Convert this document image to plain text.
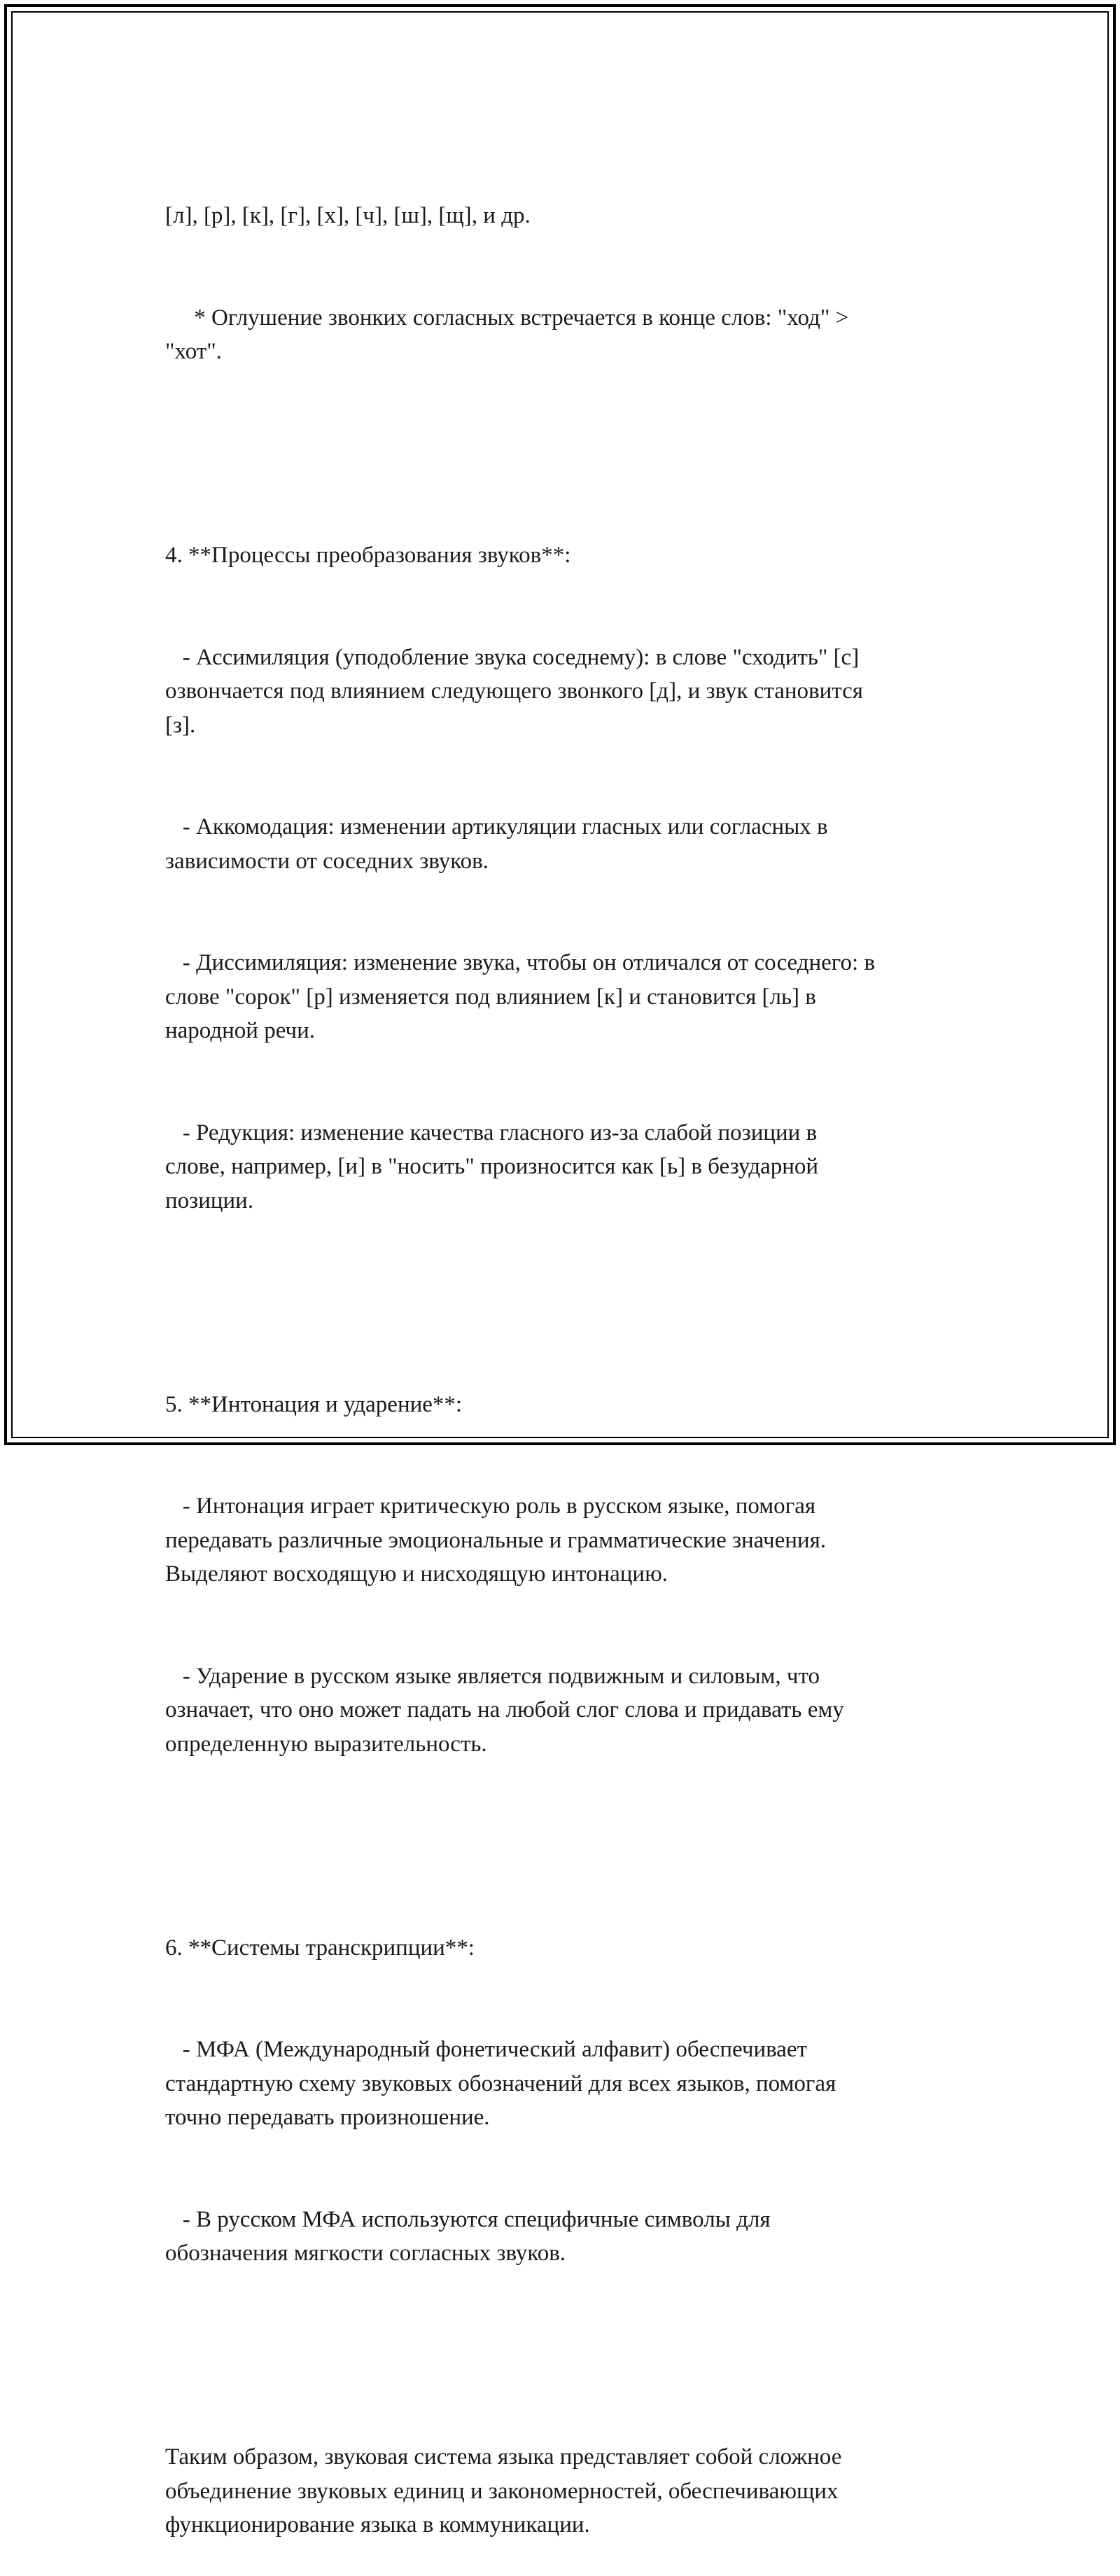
[л], [р], [к], [г], [х], [ч], [ш], [щ], и др.

* Оглушение звонких согласных встречается в конце слов: "ход" >
"хот".

4. **Процессы преобразования звуков**:

- Ассимиляция (уподобление звука соседнему): в слове "сходить" [с]
озвончается под влиянием следующего звонкого [д], и звук становится
[з].

- Аккомодация: изменении артикуляции гласных или согласных в
зависимости от соседних звуков.

- Диссимиляция: изменение звука, чтобы он отличался от соседнего: в
слове "сорок" [р] изменяется под влиянием [к] и становится [ль] в
народной речи.

- Редукция: изменение качества гласного из-за слабой позиции в
слове, например, [и] в "носить" произносится как [ь] в безударной
позиции.

5. **Интонация и ударение**:

- Интонация играет критическую роль в русском языке, помогая
передавать различные эмоциональные и грамматические значения.
Выделяют восходящую и нисходящую интонацию.

- Ударение в русском языке является подвижным и силовым, что
означает, что оно может падать на любой слог слова и придавать ему
определенную выразительность.

6. **Системы транскрипции**:

- МФА (Международный фонетический алфавит) обеспечивает
стандартную схему звуковых обозначений для всех языков, помогая
точно передавать произношение.

- В русском МФА используются специфичные символы для
обозначения мягкости согласных звуков.

Таким образом, звуковая система языка представляет собой сложное
объединение звуковых единиц и закономерностей, обеспечивающих
функционирование языка в коммуникации.
